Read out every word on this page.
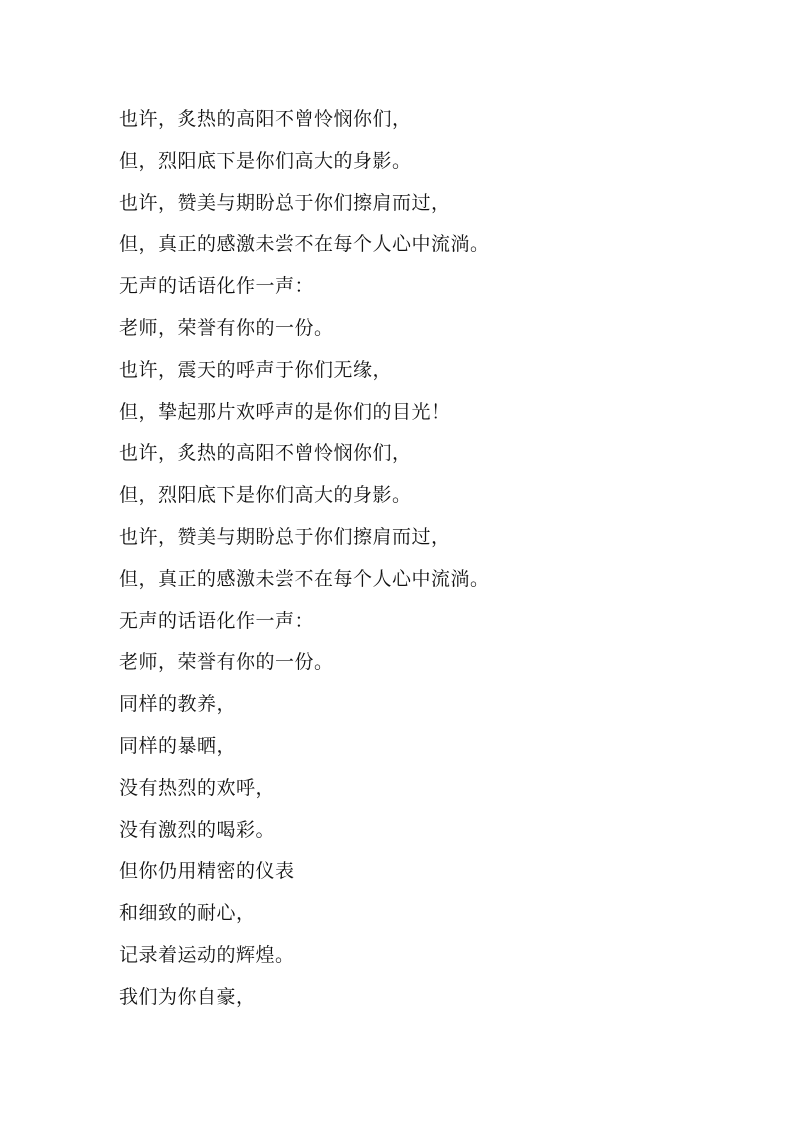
也许，炙热的高阳不曾怜悯你们，
但，烈阳底下是你们高大的身影。
也许，赞美与期盼总于你们擦肩而过，
但，真正的感激未尝不在每个人心中流淌。
无声的话语化作一声：
老师，荣誉有你的一份。
也许，震天的呼声于你们无缘，
但，挚起那片欢呼声的是你们的目光！
也许，炙热的高阳不曾怜悯你们，
但，烈阳底下是你们高大的身影。
也许，赞美与期盼总于你们擦肩而过，
但，真正的感激未尝不在每个人心中流淌。
无声的话语化作一声：
老师，荣誉有你的一份。
同样的教养，
同样的暴晒，
没有热烈的欢呼，
没有激烈的喝彩。
但你仍用精密的仪表
和细致的耐心，
记录着运动的辉煌。
我们为你自豪，
